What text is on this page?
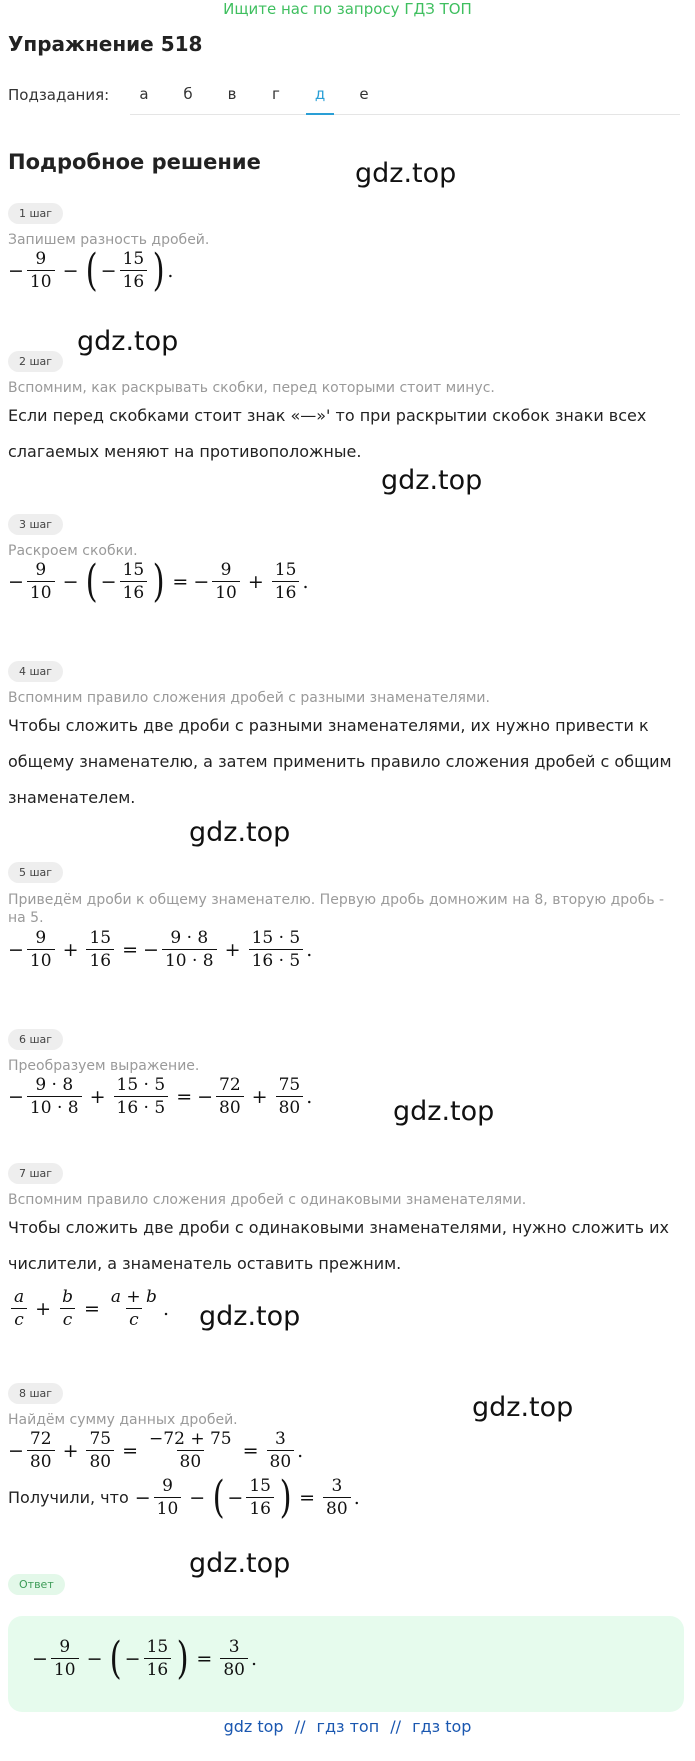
Ищите нас по запросу ГДЗ ТОП
Упражнение 518
Подзадания:	а	б	в	г	д	е
Подробное решение	gdz.top
gdz.top
gdz.top
gdz.top
gdz.top
gdz.top
gdz.top
gdz.top
1 шаг
Запишем разность дробей.
− $\frac{9}{10}$ − ( − $\frac{15}{16}$ ) .
2 шаг
Вспомним, как раскрывать скобки, перед которыми стоит минус.
Если перед скобками стоит знак «—»' то при раскрытии скобок знаки всех
слагаемых меняют на противоположные.
3 шаг
Раскроем скобки.
− $\frac{9}{10}$ − ( − $\frac{15}{16}$ ) = − $\frac{9}{10} + \frac{15}{16}$ .
4 шаг
Вспомним правило сложения дробей с разными знаменателями.
Чтобы сложить две дроби с разными знаменателями, их нужно привести к
общему знаменателю, а затем применить правило сложения дробей с общим
знаменателем.
5 шаг
Приведём дроби к общему знаменателю. Первую дробь домножим на 8, вторую дробь -
на 5.
− $\frac{9}{10} + \frac{15}{16}$ = − $\frac{9 \cdot 8}{10 \cdot 8} + \frac{15 \cdot 5}{16 \cdot 5}$ .
6 шаг
Преобразуем выражение.
− $\frac{9 \cdot 8}{10 \cdot 8} + \frac{15 \cdot 5}{16 \cdot 5}$ = − $\frac{72}{80} + \frac{75}{80}$ .
7 шаг
Вспомним правило сложения дробей с одинаковыми знаменателями.
Чтобы сложить две дроби с одинаковыми знаменателями, нужно сложить их
числители, а знаменатель оставить прежним.
$\frac{a}{c} + \frac{b}{c} = \frac{a + b}{c}$ .
8 шаг
Найдём сумму данных дробей.
− $\frac{72}{80} + \frac{75}{80} = \frac{-72 + 75}{80} = \frac{3}{80}$ .
Получили, что − $\frac{9}{10}$ − ( − $\frac{15}{16}$ ) = $\frac{3}{80}$ .
Ответ
− $\frac{9}{10}$ − ( − $\frac{15}{16}$ ) = $\frac{3}{80}$ .
gdz top // гдз топ // гдз top
